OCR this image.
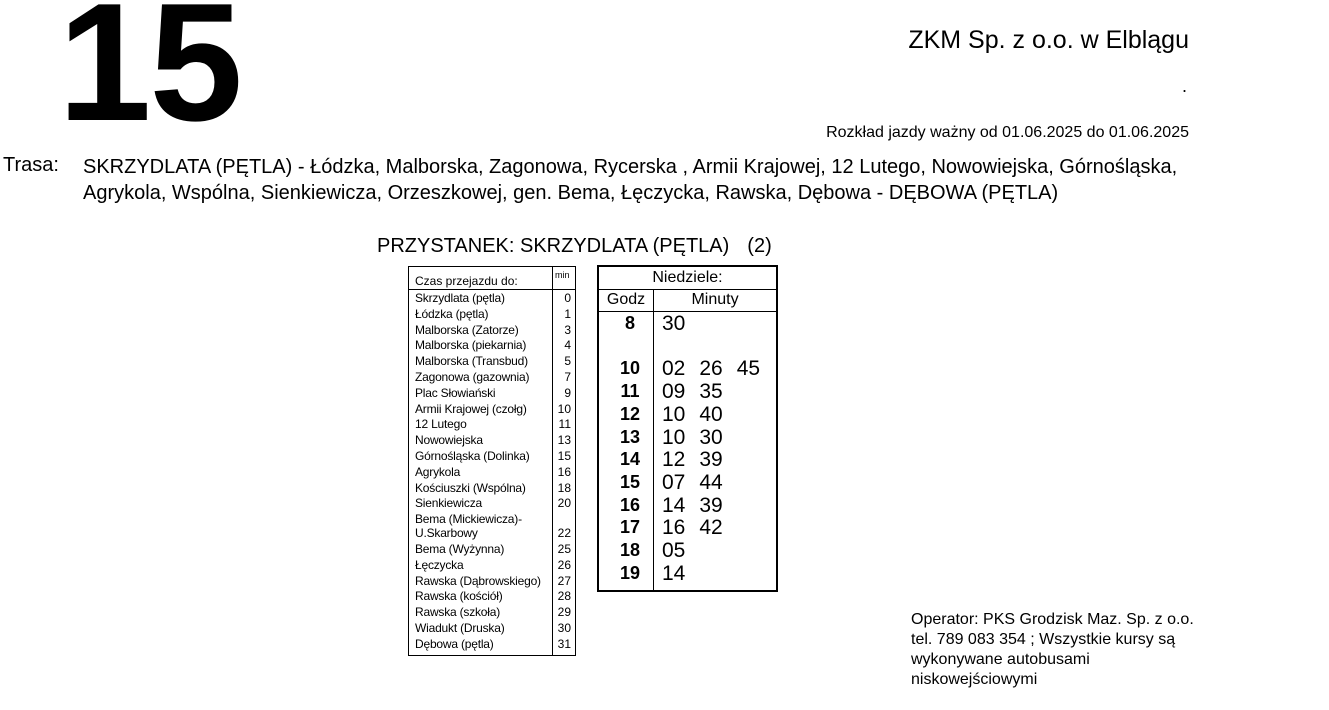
15	ZKM Sp. z o.o. w Elblągu
.
Rozkład jazdy ważny od 01.06.2025 do 01.06.2025
Trasa: SKRZYDLATA (PĘTLA) - Łódzka, Malborska, Zagonowa, Rycerska , Armii Krajowej, 12 Lutego, Nowowiejska, Górnośląska, Agrykola, Wspólna, Sienkiewicza, Orzeszkowej, gen. Bema, Łęczycka, Rawska, Dębowa - DĘBOWA (PĘTLA)
PRZYSTANEK: SKRZYDLATA (PĘTLA) (2)
Czas przejazdu do:	min
Skrzydlata (pętla)	0
Łódzka (pętla)	1
Malborska (Zatorze)	3
Malborska (piekarnia)	4
Malborska (Transbud)	5
Zagonowa (gazownia)	7
Plac Słowiański	9
Armii Krajowej (czołg)	10
12 Lutego	11
Nowowiejska	13
Górnośląska (Dolinka)	15
Agrykola	16
Kościuszki (Wspólna)	18
Sienkiewicza	20
Bema (Mickiewicza)-
U.Skarbowy	22
Bema (Wyżynna)	25
Łęczycka	26
Rawska (Dąbrowskiego)	27
Rawska (kościół)	28
Rawska (szkoła)	29
Wiadukt (Druska)	30
Dębowa (pętla)	31
Niedziele:
Godz	Minuty
8	30
10	02 26 45
11	09 35
12	10 40
13	10 30
14	12 39
15	07 44
16	14 39
17	16 42
18	05
19	14
Operator: PKS Grodzisk Maz. Sp. z o.o. tel. 789 083 354 ; Wszystkie kursy są wykonywane autobusami niskowejściowymi
